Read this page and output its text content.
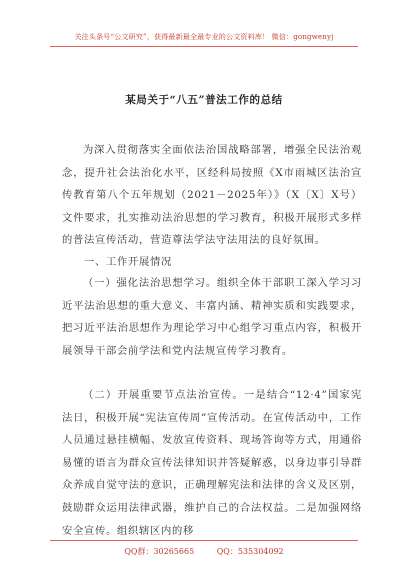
关注头条号“公文研究”，获得最新最全最专业的公文资料库！ 微信：gongwenyj
某局关于“八五”普法工作的总结

为深入贯彻落实全面依法治国战略部署，增强全民法治观念，提升社会法治化水平，区经科局按照《X市雨城区法治宣传教育第八个五年规划（2021－2025年）》（X〔X〕X号）文件要求，扎实推动法治思想的学习教育，积极开展形式多样的普法宣传活动，营造尊法学法守法用法的良好氛围。

一、工作开展情况

（一）强化法治思想学习。组织全体干部职工深入学习习近平法治思想的重大意义、丰富内涵、精神实质和实践要求，把习近平法治思想作为理论学习中心组学习重点内容，积极开展领导干部会前学法和党内法规宣传学习教育。

（二）开展重要节点法治宣传。一是结合“12·4”国家宪法日，积极开展“宪法宣传周”宣传活动。在宣传活动中，工作人员通过悬挂横幅、发放宣传资料、现场答询等方式，用通俗易懂的语言为群众宣传法律知识并答疑解惑，以身边事引导群众养成自觉守法的意识，正确理解宪法和法律的含义及区别，鼓励群众运用法律武器，维护自己的合法权益。二是加强网络安全宣传。组织辖区内的移

QQ群：30265665	QQ：535304092
